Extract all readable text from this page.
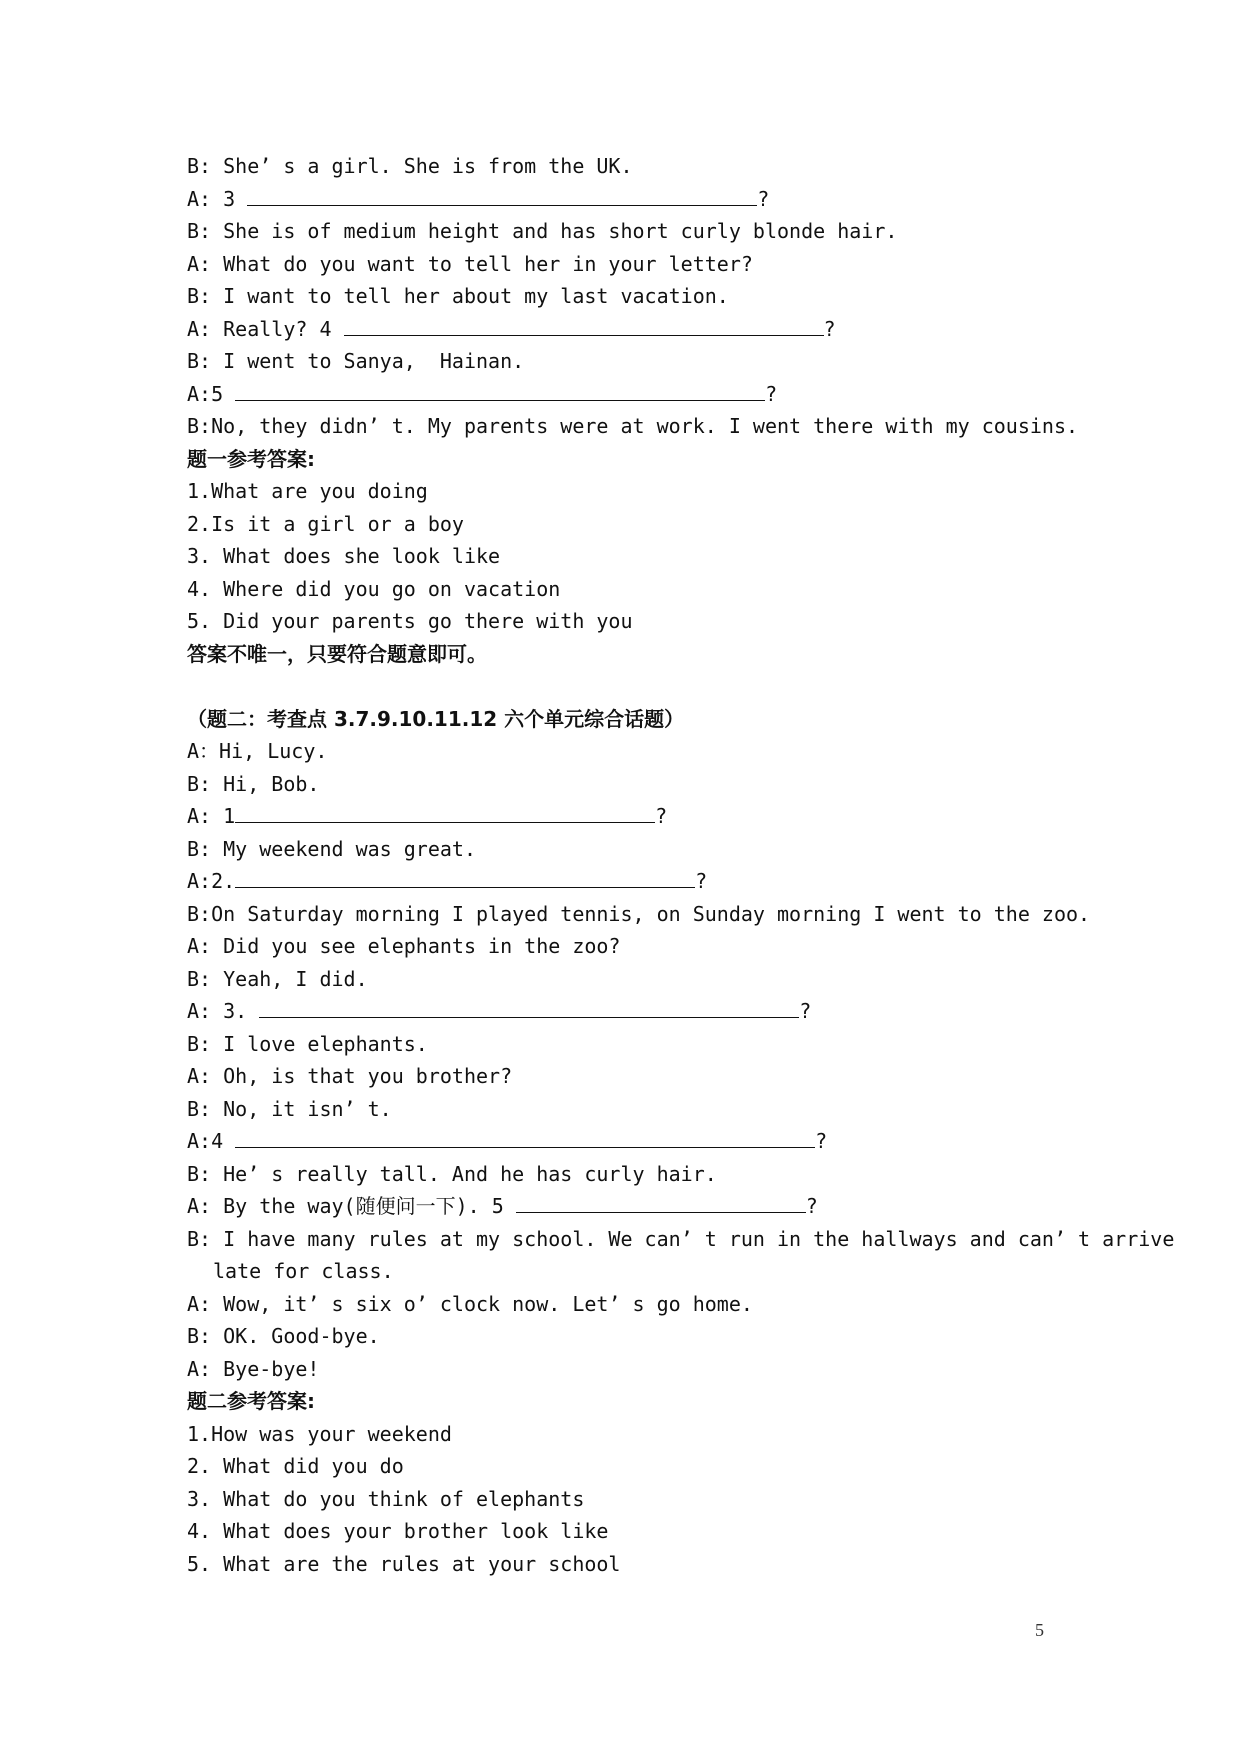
B: She’ s a girl. She is from the UK.
A: 3	?
B: She is of medium height and has short curly blonde hair.
A: What do you want to tell her in your letter?
B: I want to tell her about my last vacation.
A: Really? 4	?
B: I went to Sanya,  Hainan.
A:5	?
B:No, they didn’ t. My parents were at work. I went there with my cousins.
题一参考答案:
1.What are you doing
2.Is it a girl or a boy
3. What does she look like
4. Where did you go on vacation
5. Did your parents go there with you
答案不唯一，只要符合题意即可。
（题二：考查点 3.7.9.10.11.12 六个单元综合话题）
A：Hi, Lucy.
B: Hi, Bob.
A: 1	?
B: My weekend was great.
A:2.	?
B:On Saturday morning I played tennis, on Sunday morning I went to the zoo.
A: Did you see elephants in the zoo?
B: Yeah, I did.
A: 3.	?
B: I love elephants.
A: Oh, is that you brother?
B: No, it isn’ t.
A:4	?
B: He’ s really tall. And he has curly hair.
A: By the way(随便问一下). 5	?
B: I have many rules at my school. We can’ t run in the hallways and can’ t arrive
late for class.
A: Wow, it’ s six o’ clock now. Let’ s go home.
B: OK. Good-bye.
A: Bye-bye!
题二参考答案:
1.How was your weekend
2. What did you do
3. What do you think of elephants
4. What does your brother look like
5. What are the rules at your school
5
